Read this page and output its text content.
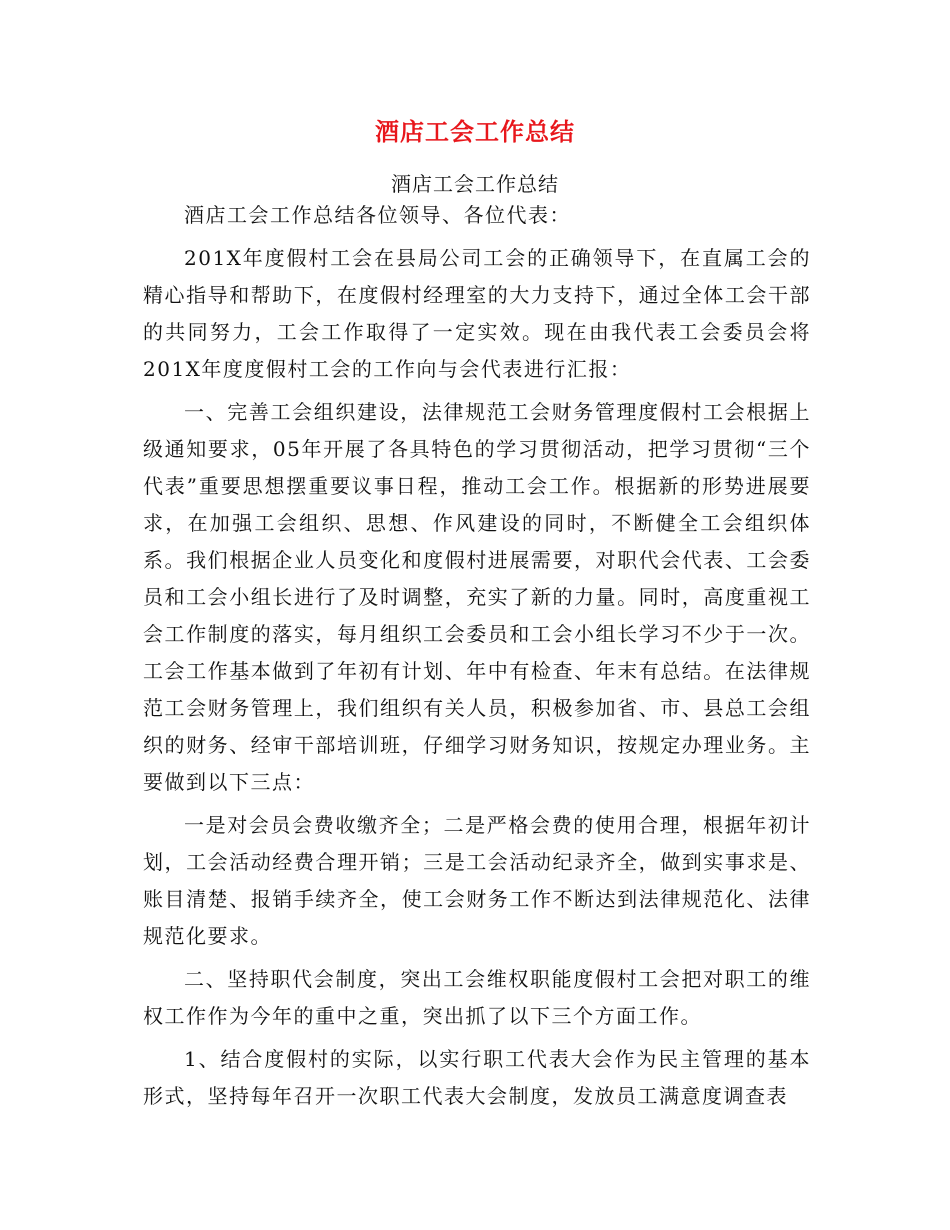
酒店工会工作总结
酒店工会工作总结

酒店工会工作总结各位领导、各位代表：

201X年度假村工会在县局公司工会的正确领导下，在直属工会的精心指导和帮助下，在度假村经理室的大力支持下，通过全体工会干部的共同努力，工会工作取得了一定实效。现在由我代表工会委员会将201X年度度假村工会的工作向与会代表进行汇报：

一、完善工会组织建设，法律规范工会财务管理度假村工会根据上级通知要求，05年开展了各具特色的学习贯彻活动，把学习贯彻“三个代表”重要思想摆重要议事日程，推动工会工作。根据新的形势进展要求，在加强工会组织、思想、作风建设的同时，不断健全工会组织体系。我们根据企业人员变化和度假村进展需要，对职代会代表、工会委员和工会小组长进行了及时调整，充实了新的力量。同时，高度重视工会工作制度的落实，每月组织工会委员和工会小组长学习不少于一次。工会工作基本做到了年初有计划、年中有检查、年末有总结。在法律规范工会财务管理上，我们组织有关人员，积极参加省、市、县总工会组织的财务、经审干部培训班，仔细学习财务知识，按规定办理业务。主要做到以下三点：

一是对会员会费收缴齐全；二是严格会费的使用合理，根据年初计划，工会活动经费合理开销；三是工会活动纪录齐全，做到实事求是、账目清楚、报销手续齐全，使工会财务工作不断达到法律规范化、法律规范化要求。

二、坚持职代会制度，突出工会维权职能度假村工会把对职工的维权工作作为今年的重中之重，突出抓了以下三个方面工作。

1、结合度假村的实际，以实行职工代表大会作为民主管理的基本形式，坚持每年召开一次职工代表大会制度，发放员工满意度调查表
